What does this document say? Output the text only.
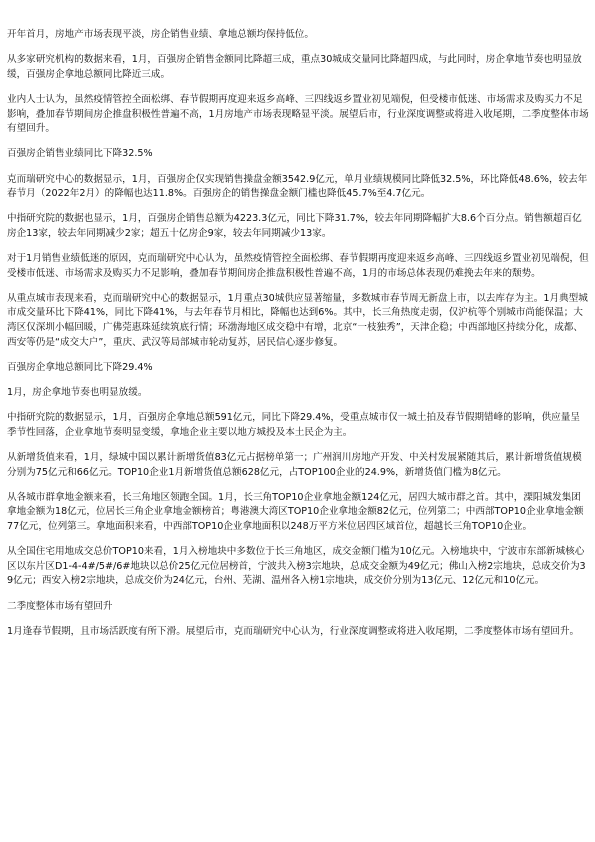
开年首月，房地产市场表现平淡，房企销售业绩、拿地总额均保持低位。

从多家研究机构的数据来看，1月，百强房企销售金额同比降超三成，重点30城成交量同比降超四成，与此同时，房企拿地节奏也明显放缓，百强房企拿地总额同比降近三成。

业内人士认为，虽然疫情管控全面松绑、春节假期再度迎来返乡高峰、三四线返乡置业初见端倪，但受楼市低迷、市场需求及购买力不足影响，叠加春节期间房企推盘积极性普遍不高，1月房地产市场表现略显平淡。展望后市，行业深度调整或将进入收尾期，二季度整体市场有望回升。

百强房企销售业绩同比下降32.5%

克而瑞研究中心的数据显示，1月，百强房企仅实现销售操盘金额3542.9亿元，单月业绩规模同比降低32.5%，环比降低48.6%，较去年春节月（2022年2月）的降幅也达11.8%。百强房企的销售操盘金额门槛也降低45.7%至4.7亿元。

中指研究院的数据也显示，1月，百强房企销售总额为4223.3亿元，同比下降31.7%，较去年同期降幅扩大8.6个百分点。销售额超百亿房企13家，较去年同期减少2家；超五十亿房企9家，较去年同期减少13家。

对于1月销售业绩低迷的原因，克而瑞研究中心认为，虽然疫情管控全面松绑、春节假期再度迎来返乡高峰、三四线返乡置业初见端倪，但受楼市低迷、市场需求及购买力不足影响，叠加春节期间房企推盘积极性普遍不高，1月的市场总体表现仍难挽去年来的颓势。

从重点城市表现来看，克而瑞研究中心的数据显示，1月重点30城供应显著缩量，多数城市春节周无新盘上市，以去库存为主。1月典型城市成交量环比下降41%，同比下降41%，与去年春节月相比，降幅也达到6%。其中，长三角热度走弱，仅沪杭等个别城市尚能保温；大湾区仅深圳小幅回暖，广佛莞惠珠延续筑底行情；环渤海地区成交稳中有增，北京“一枝独秀”，天津企稳；中西部地区持续分化，成都、西安等仍是“成交大户”，重庆、武汉等局部城市轮动复苏，居民信心逐步修复。

百强房企拿地总额同比下降29.4%

1月，房企拿地节奏也明显放缓。

中指研究院的数据显示，1月，百强房企拿地总额591亿元，同比下降29.4%，受重点城市仅一城土拍及春节假期错峰的影响，供应量呈季节性回落，企业拿地节奏明显变缓，拿地企业主要以地方城投及本土民企为主。

从新增货值来看，1月，绿城中国以累计新增货值83亿元占据榜单第一；广州润川房地产开发、中关村发展紧随其后，累计新增货值规模分别为75亿元和66亿元。TOP10企业1月新增货值总额628亿元，占TOP100企业的24.9%，新增货值门槛为8亿元。

从各城市群拿地金额来看，长三角地区领跑全国。1月，长三角TOP10企业拿地金额124亿元，居四大城市群之首。其中，溧阳城发集团拿地金额为18亿元，位居长三角企业拿地金额榜首；粤港澳大湾区TOP10企业拿地金额82亿元，位列第二；中西部TOP10企业拿地金额77亿元，位列第三。拿地面积来看，中西部TOP10企业拿地面积以248万平方米位居四区域首位，超越长三角TOP10企业。

从全国住宅用地成交总价TOP10来看，1月入榜地块中多数位于长三角地区，成交金额门槛为10亿元。入榜地块中，宁波市东部新城核心区以东片区D1-4-4#/5#/6#地块以总价25亿元位居榜首，宁波共入榜3宗地块，总成交金额为49亿元；佛山入榜2宗地块，总成交价为39亿元；西安入榜2宗地块，总成交价为24亿元，台州、芜湖、温州各入榜1宗地块，成交价分别为13亿元、12亿元和10亿元。

二季度整体市场有望回升

1月逢春节假期，且市场活跃度有所下滑。展望后市，克而瑞研究中心认为，行业深度调整或将进入收尾期，二季度整体市场有望回升。
